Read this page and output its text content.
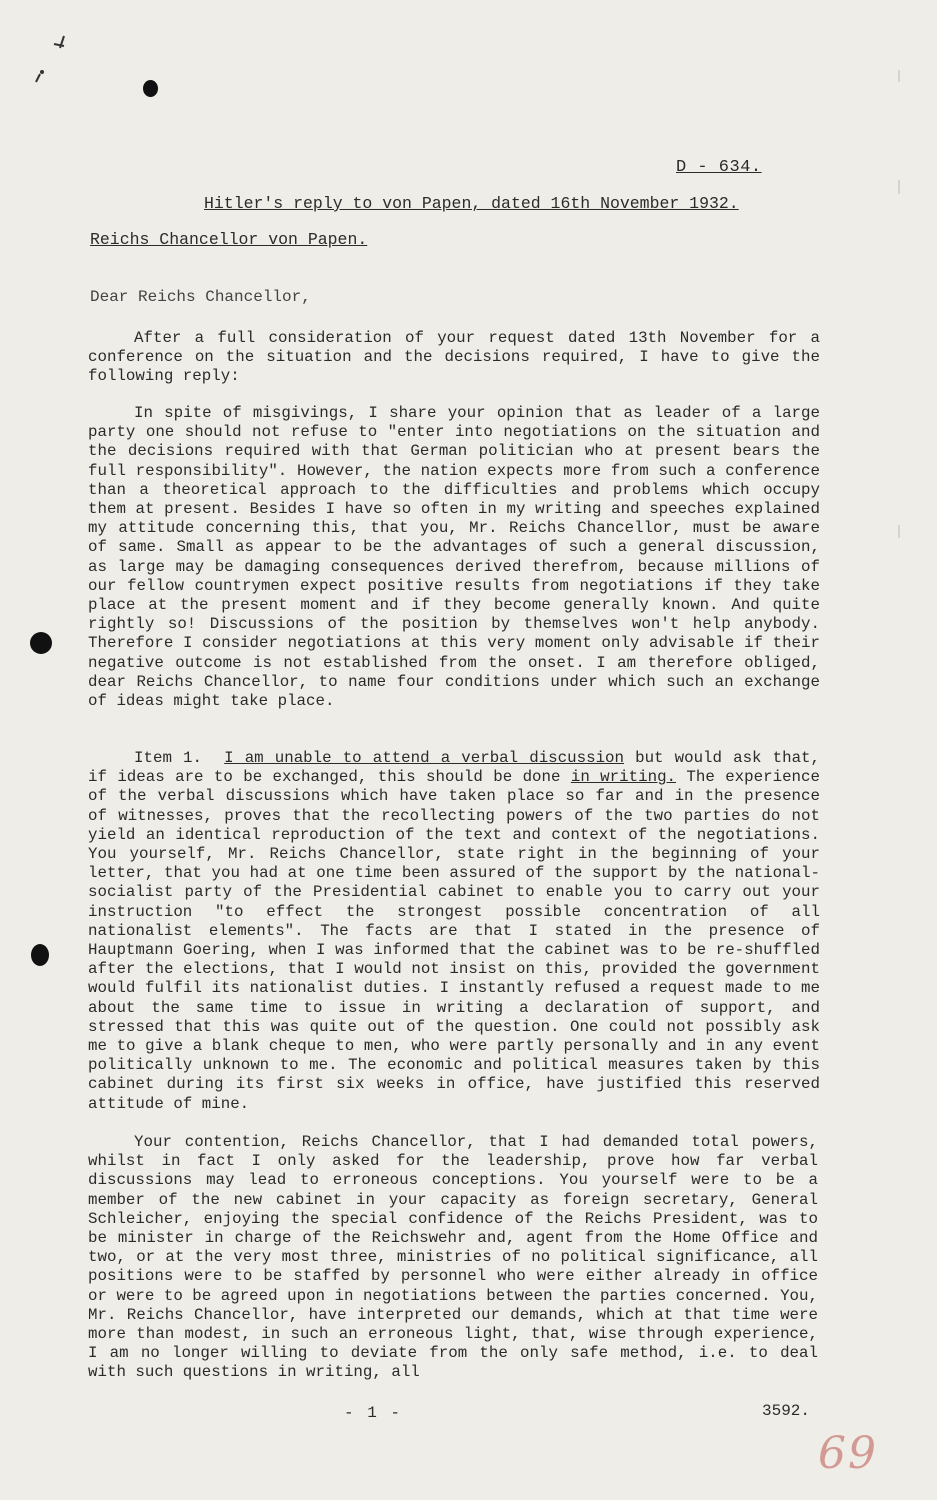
D - 634.
Hitler's reply to von Papen, dated 16th November 1932.
Reichs Chancellor von Papen.
Dear Reichs Chancellor,

After a full consideration of your request dated 13th November for a conference on the situation and the decisions required, I have to give the following reply:

In spite of misgivings, I share your opinion that as leader of a large party one should not refuse to "enter into negotiations on the situation and the decisions required with that German politician who at present bears the full responsibility". However, the nation expects more from such a conference than a theoretical approach to the difficulties and problems which occupy them at present. Besides I have so often in my writing and speeches explained my attitude concerning this, that you, Mr. Reichs Chancellor, must be aware of same. Small as appear to be the advantages of such a general discussion, as large may be damaging consequences derived therefrom, because millions of our fellow countrymen expect positive results from negotiations if they take place at the present moment and if they become generally known. And quite rightly so! Discussions of the position by themselves won't help anybody. Therefore I consider negotiations at this very moment only advisable if their negative outcome is not established from the onset. I am therefore obliged, dear Reichs Chancellor, to name four conditions under which such an exchange of ideas might take place.

Item 1. I am unable to attend a verbal discussion but would ask that, if ideas are to be exchanged, this should be done in writing. The experience of the verbal discussions which have taken place so far and in the presence of witnesses, proves that the recollecting powers of the two parties do not yield an identical reproduction of the text and context of the negotiations. You yourself, Mr. Reichs Chancellor, state right in the beginning of your letter, that you had at one time been assured of the support by the national-socialist party of the Presidential cabinet to enable you to carry out your instruction "to effect the strongest possible concentration of all nationalist elements". The facts are that I stated in the presence of Hauptmann Goering, when I was informed that the cabinet was to be re-shuffled after the elections, that I would not insist on this, provided the government would fulfil its nationalist duties. I instantly refused a request made to me about the same time to issue in writing a declaration of support, and stressed that this was quite out of the question. One could not possibly ask me to give a blank cheque to men, who were partly personally and in any event politically unknown to me. The economic and political measures taken by this cabinet during its first six weeks in office, have justified this reserved attitude of mine.

Your contention, Reichs Chancellor, that I had demanded total powers, whilst in fact I only asked for the leadership, prove how far verbal discussions may lead to erroneous conceptions. You yourself were to be a member of the new cabinet in your capacity as foreign secretary, General Schleicher, enjoying the special confidence of the Reichs President, was to be minister in charge of the Reichswehr and, agent from the Home Office and two, or at the very most three, ministries of no political significance, all positions were to be staffed by personnel who were either already in office or were to be agreed upon in negotiations between the parties concerned. You, Mr. Reichs Chancellor, have interpreted our demands, which at that time were more than modest, in such an erroneous light, that, wise through experience, I am no longer willing to deviate from the only safe method, i.e. to deal with such questions in writing, all

- 1 -	3592.
69
